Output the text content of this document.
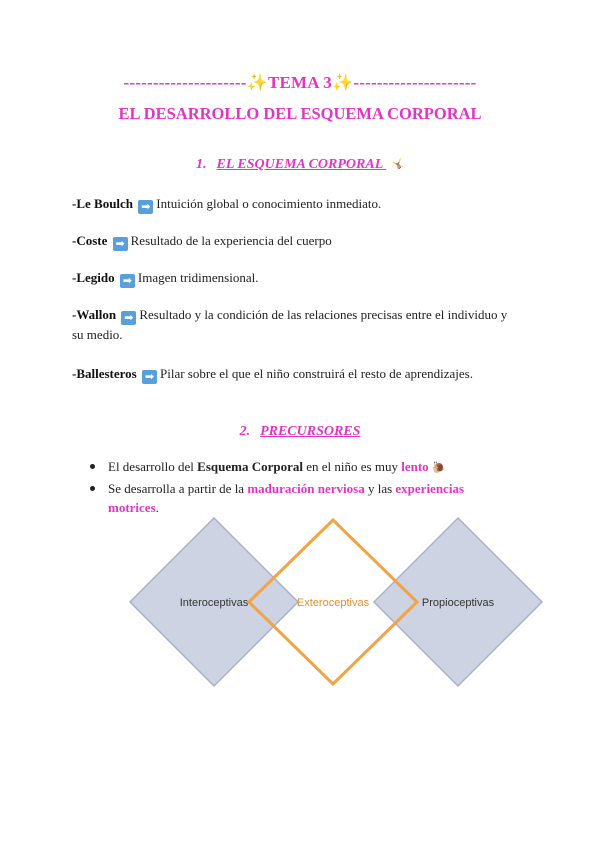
---------------------✨TEMA 3✨---------------------
EL DESARROLLO DEL ESQUEMA CORPORAL
1. EL ESQUEMA CORPORAL 🤸
-Le Boulch ➡ Intuición global o conocimiento inmediato.
-Coste ➡ Resultado de la experiencia del cuerpo
-Legido ➡ Imagen tridimensional.
-Wallon ➡ Resultado y la condición de las relaciones precisas entre el individuo y su medio.
-Ballesteros ➡ Pilar sobre el que el niño construirá el resto de aprendizajes.
2. PRECURSORES
El desarrollo del Esquema Corporal en el niño es muy lento 🐌
Se desarrolla a partir de la maduración nerviosa y las experiencias motrices.
Interoceptivas	Exteroceptivas	Propioceptivas
